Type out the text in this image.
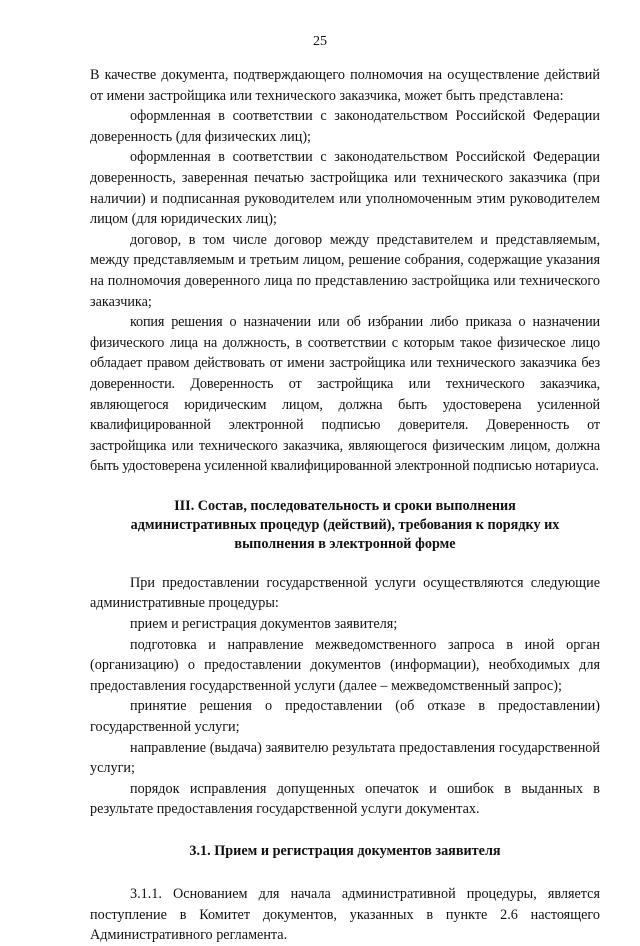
25

В качестве документа, подтверждающего полномочия на осуществление действий от имени застройщика или технического заказчика, может быть представлена:

оформленная в соответствии с законодательством Российской Федерации доверенность (для физических лиц);

оформленная в соответствии с законодательством Российской Федерации доверенность, заверенная печатью застройщика или технического заказчика (при наличии) и подписанная руководителем или уполномоченным этим руководителем лицом (для юридических лиц);

договор, в том числе договор между представителем и представляемым, между представляемым и третьим лицом, решение собрания, содержащие указания на полномочия доверенного лица по представлению застройщика или технического заказчика;

копия решения о назначении или об избрании либо приказа о назначении физического лица на должность, в соответствии с которым такое физическое лицо обладает правом действовать от имени застройщика или технического заказчика без доверенности. Доверенность от застройщика или технического заказчика, являющегося юридическим лицом, должна быть удостоверена усиленной квалифицированной электронной подписью доверителя. Доверенность от застройщика или технического заказчика, являющегося физическим лицом, должна быть удостоверена усиленной квалифицированной электронной подписью нотариуса.

III. Состав, последовательность и сроки выполнения административных процедур (действий), требования к порядку их выполнения в электронной форме

При предоставлении государственной услуги осуществляются следующие административные процедуры:

прием и регистрация документов заявителя;

подготовка и направление межведомственного запроса в иной орган (организацию) о предоставлении документов (информации), необходимых для предоставления государственной услуги (далее – межведомственный запрос);

принятие решения о предоставлении (об отказе в предоставлении) государственной услуги;

направление (выдача) заявителю результата предоставления государственной услуги;

порядок исправления допущенных опечаток и ошибок в выданных в результате предоставления государственной услуги документах.

3.1. Прием и регистрация документов заявителя

3.1.1. Основанием для начала административной процедуры, является поступление в Комитет документов, указанных в пункте 2.6 настоящего Административного регламента.
